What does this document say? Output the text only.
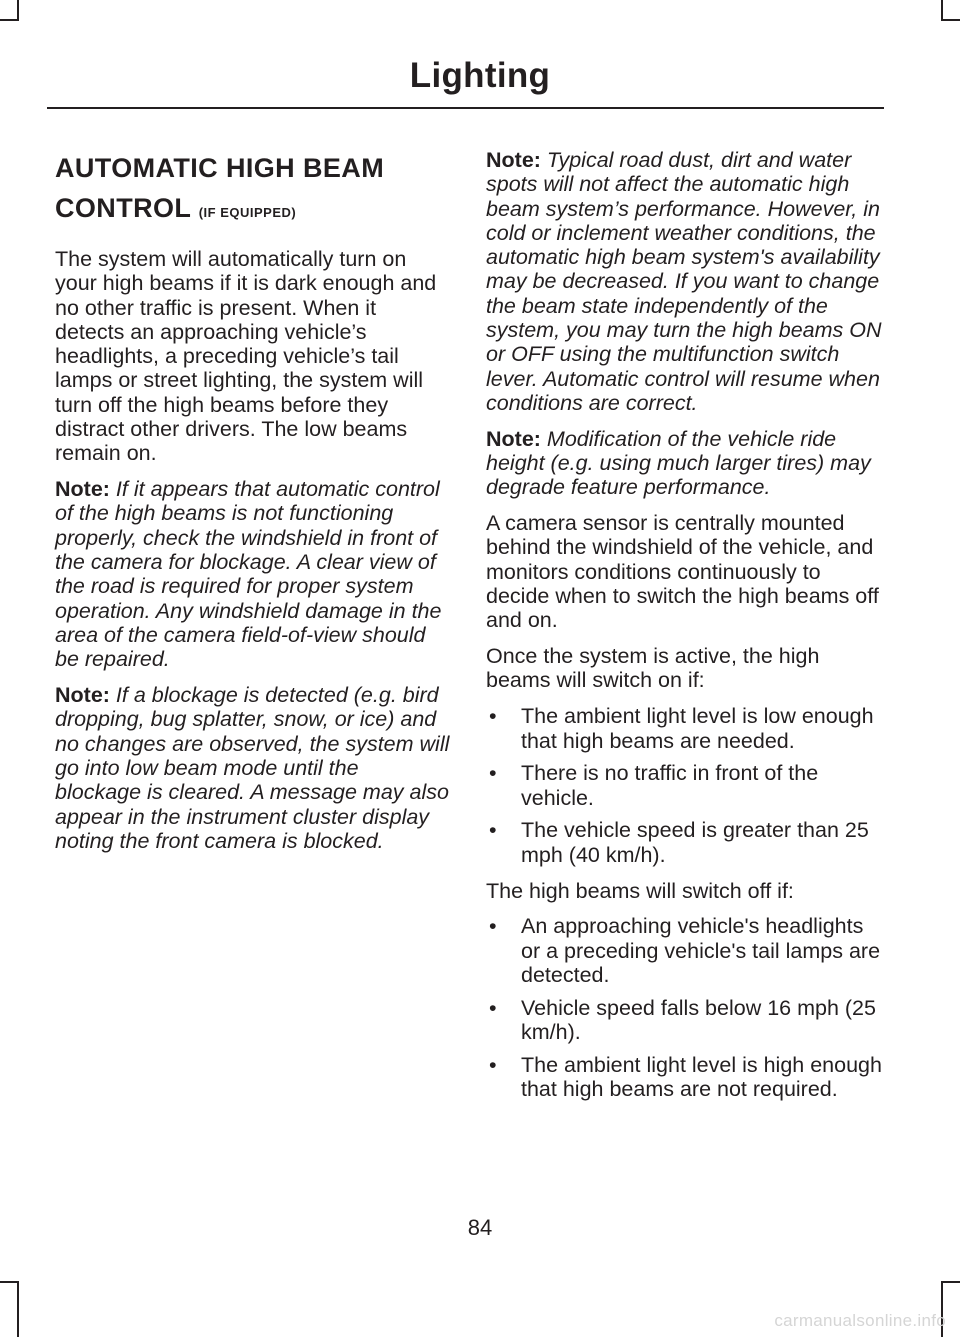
Lighting
AUTOMATIC HIGH BEAM CONTROL (IF EQUIPPED)

The system will automatically turn on your high beams if it is dark enough and no other traffic is present. When it detects an approaching vehicle’s headlights, a preceding vehicle’s tail lamps or street lighting, the system will turn off the high beams before they distract other drivers. The low beams remain on.

Note: If it appears that automatic control of the high beams is not functioning properly, check the windshield in front of the camera for blockage. A clear view of the road is required for proper system operation. Any windshield damage in the area of the camera field-of-view should be repaired.

Note: If a blockage is detected (e.g. bird dropping, bug splatter, snow, or ice) and no changes are observed, the system will go into low beam mode until the blockage is cleared. A message may also appear in the instrument cluster display noting the front camera is blocked.

Note: Typical road dust, dirt and water spots will not affect the automatic high beam system’s performance. However, in cold or inclement weather conditions, the automatic high beam system's availability may be decreased. If you want to change the beam state independently of the system, you may turn the high beams ON or OFF using the multifunction switch lever. Automatic control will resume when conditions are correct.

Note: Modification of the vehicle ride height (e.g. using much larger tires) may degrade feature performance.

A camera sensor is centrally mounted behind the windshield of the vehicle, and monitors conditions continuously to decide when to switch the high beams off and on.

Once the system is active, the high beams will switch on if:

• The ambient light level is low enough that high beams are needed.
• There is no traffic in front of the vehicle.
• The vehicle speed is greater than 25 mph (40 km/h).

The high beams will switch off if:

• An approaching vehicle's headlights or a preceding vehicle's tail lamps are detected.
• Vehicle speed falls below 16 mph (25 km/h).
• The ambient light level is high enough that high beams are not required.
84
carmanualsonline.info
